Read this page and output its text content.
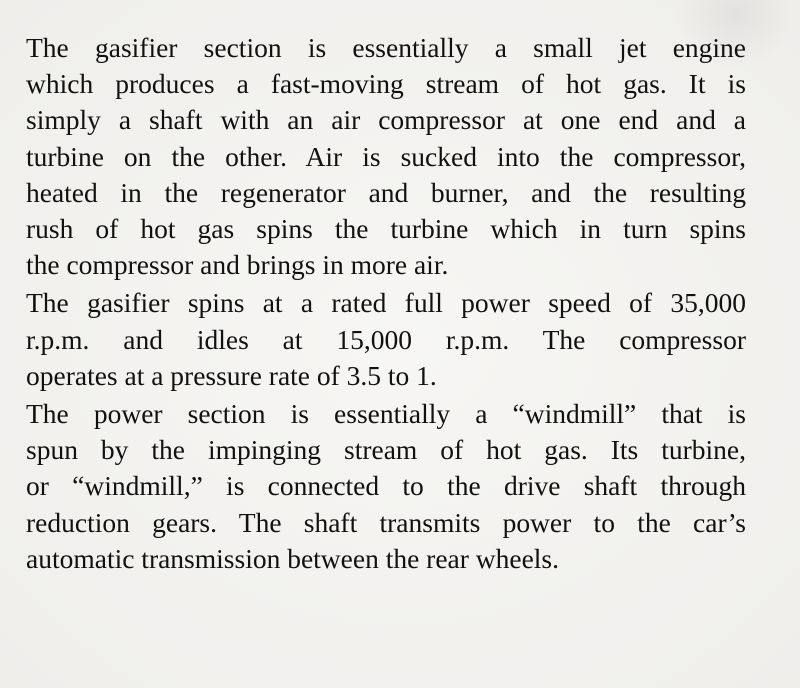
The gasifier section is essentially a small jet engine
which produces a fast-moving stream of hot gas. It is
simply a shaft with an air compressor at one end and a
turbine on the other. Air is sucked into the compressor,
heated in the regenerator and burner, and the resulting
rush of hot gas spins the turbine which in turn spins
the compressor and brings in more air.

The gasifier spins at a rated full power speed of 35,000
r.p.m. and idles at 15,000 r.p.m. The compressor
operates at a pressure rate of 3.5 to 1.

The power section is essentially a “windmill” that is
spun by the impinging stream of hot gas. Its turbine,
or “windmill,” is connected to the drive shaft through
reduction gears. The shaft transmits power to the car’s
automatic transmission between the rear wheels.
